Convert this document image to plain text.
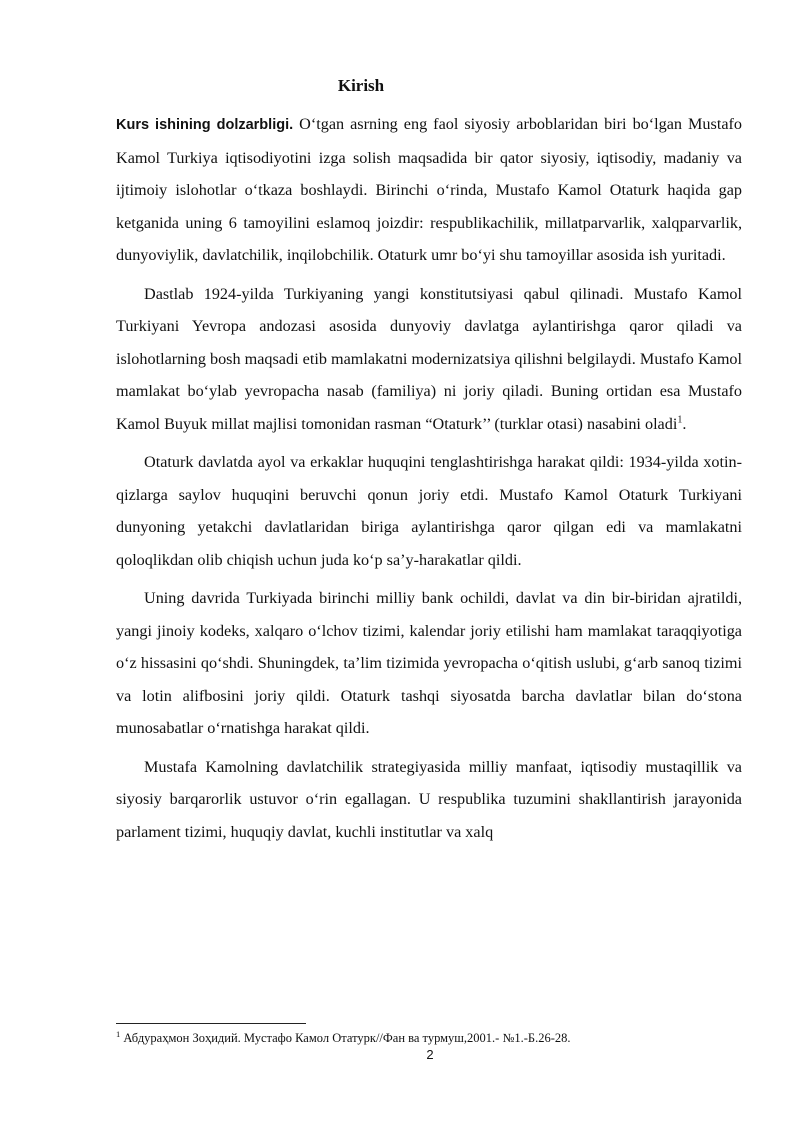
Kirish

Kurs ishining dolzarbligi. O‘tgan asrning eng faol siyosiy arboblaridan biri bo‘lgan Mustafo Kamol Turkiya iqtisodiyotini izga solish maqsadida bir qator siyosiy, iqtisodiy, madaniy va ijtimoiy islohotlar o‘tkaza boshlaydi. Birinchi o‘rinda, Mustafo Kamol Otaturk haqida gap ketganida uning 6 tamoyilini eslamoq joizdir: respublikachilik, millatparvarlik, xalqparvarlik, dunyoviylik, davlatchilik, inqilobchilik. Otaturk umr bo‘yi shu tamoyillar asosida ish yuritadi.

Dastlab 1924-yilda Turkiyaning yangi konstitutsiyasi qabul qilinadi. Mustafo Kamol Turkiyani Yevropa andozasi asosida dunyoviy davlatga aylantirishga qaror qiladi va islohotlarning bosh maqsadi etib mamlakatni modernizatsiya qilishni belgilaydi. Mustafo Kamol mamlakat bo‘ylab yevropacha nasab (familiya) ni joriy qiladi. Buning ortidan esa Mustafo Kamol Buyuk millat majlisi tomonidan rasman “Otaturk’’ (turklar otasi) nasabini oladi$^1$.

Otaturk davlatda ayol va erkaklar huquqini tenglashtirishga harakat qildi: 1934-yilda xotin-qizlarga saylov huquqini beruvchi qonun joriy etdi. Mustafo Kamol Otaturk Turkiyani dunyoning yetakchi davlatlaridan biriga aylantirishga qaror qilgan edi va mamlakatni qoloqlikdan olib chiqish uchun juda ko‘p sa’y-harakatlar qildi.

Uning davrida Turkiyada birinchi milliy bank ochildi, davlat va din bir-biridan ajratildi, yangi jinoiy kodeks, xalqaro o‘lchov tizimi, kalendar joriy etilishi ham mamlakat taraqqiyotiga o‘z hissasini qo‘shdi. Shuningdek, ta’lim tizimida yevropacha o‘qitish uslubi, g‘arb sanoq tizimi va lotin alifbosini joriy qildi. Otaturk tashqi siyosatda barcha davlatlar bilan do‘stona munosabatlar o‘rnatishga harakat qildi.

Mustafa Kamolning davlatchilik strategiyasida milliy manfaat, iqtisodiy mustaqillik va siyosiy barqarorlik ustuvor o‘rin egallagan. U respublika tuzumini shakllantirish jarayonida parlament tizimi, huquqiy davlat, kuchli institutlar va xalq

$^1$ Абдураҳмон Зоҳидий. Мустафо Камол Отатурк//Фан ва турмуш,2001.- №1.-Б.26-28.
2
